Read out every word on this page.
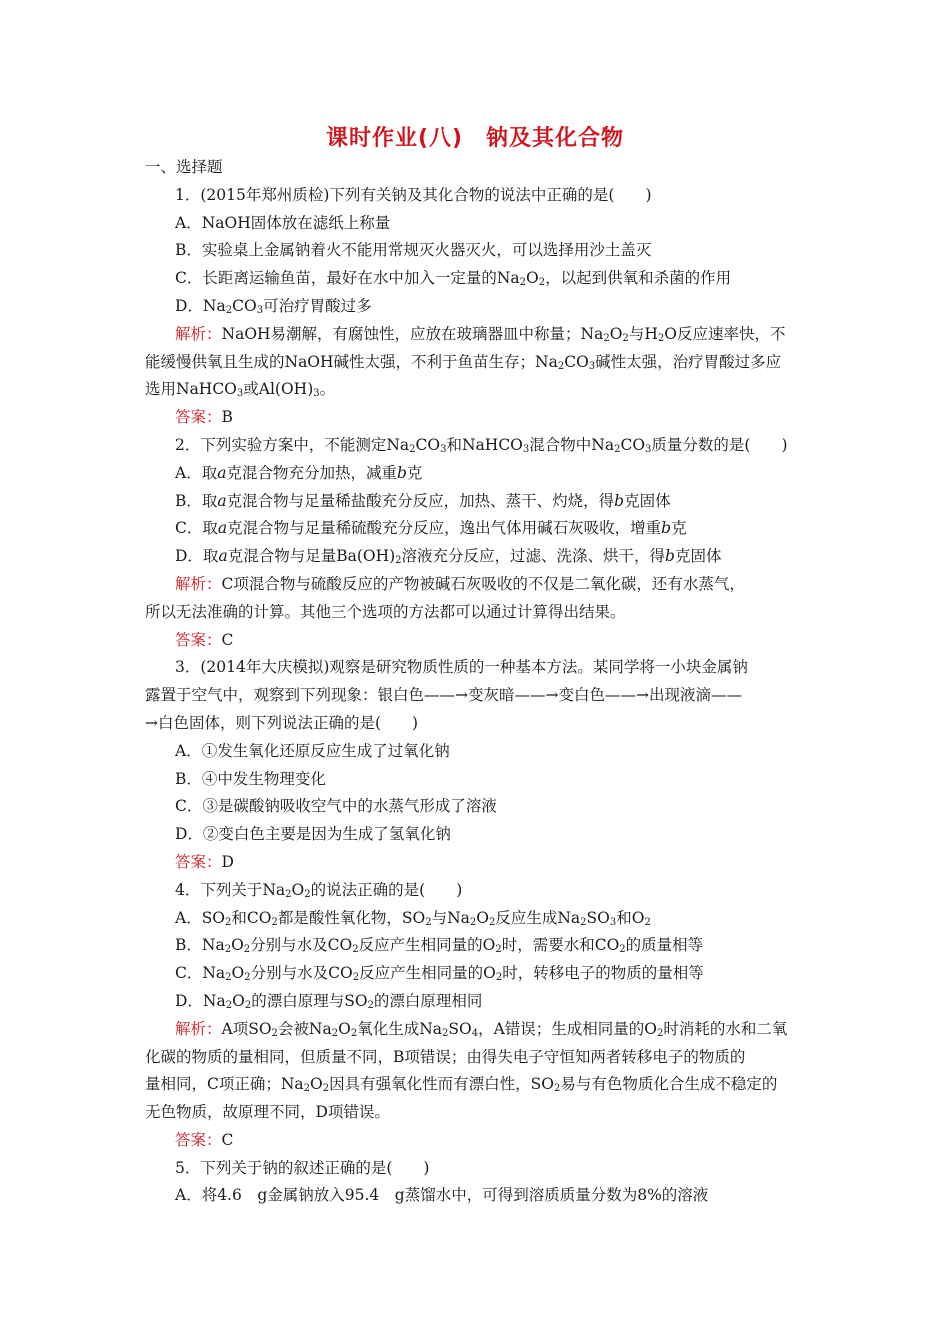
课时作业(八)　钠及其化合物
一、选择题
1．(2015年郑州质检)下列有关钠及其化合物的说法中正确的是(　　)
A．NaOH固体放在滤纸上称量
B．实验桌上金属钠着火不能用常规灭火器灭火，可以选择用沙土盖灭
C．长距离运输鱼苗，最好在水中加入一定量的$Na_2O_2$，以起到供氧和杀菌的作用
D．$Na_2CO_3$可治疗胃酸过多
解析：NaOH易潮解，有腐蚀性，应放在玻璃器皿中称量；$Na_2O_2$与$H_2O$反应速率快，不
能缓慢供氧且生成的NaOH碱性太强，不利于鱼苗生存；$Na_2CO_3$碱性太强，治疗胃酸过多应
选用NaHCO$_3$或$Al(OH)_3$。
答案：B
2．下列实验方案中，不能测定$Na_2CO_3$和NaHCO$_3$混合物中$Na_2CO_3$质量分数的是(　　)
A．取a克混合物充分加热，减重b克
B．取a克混合物与足量稀盐酸充分反应，加热、蒸干、灼烧，得b克固体
C．取a克混合物与足量稀硫酸充分反应，逸出气体用碱石灰吸收，增重b克
D．取a克混合物与足量$Ba(OH)_2$溶液充分反应，过滤、洗涤、烘干，得b克固体
解析：C项混合物与硫酸反应的产物被碱石灰吸收的不仅是二氧化碳，还有水蒸气，
所以无法准确的计算。其他三个选项的方法都可以通过计算得出结果。
答案：C
3．(2014年大庆模拟)观察是研究物质性质的一种基本方法。某同学将一小块金属钠
露置于空气中，观察到下列现象：银白色——→变灰暗——→变白色——→出现液滴——
→白色固体，则下列说法正确的是(　　)
A．①发生氧化还原反应生成了过氧化钠
B．④中发生物理变化
C．③是碳酸钠吸收空气中的水蒸气形成了溶液
D．②变白色主要是因为生成了氢氧化钠
答案：D
4．下列关于$Na_2O_2$的说法正确的是(　　)
A．$SO_2$和$CO_2$都是酸性氧化物，$SO_2$与$Na_2O_2$反应生成$Na_2SO_3$和$O_2$
B．$Na_2O_2$分别与水及$CO_2$反应产生相同量的$O_2$时，需要水和$CO_2$的质量相等
C．$Na_2O_2$分别与水及$CO_2$反应产生相同量的$O_2$时，转移电子的物质的量相等
D．$Na_2O_2$的漂白原理与$SO_2$的漂白原理相同
解析：A项$SO_2$会被$Na_2O_2$氧化生成$Na_2SO_4$，A错误；生成相同量的$O_2$时消耗的水和二氧
化碳的物质的量相同，但质量不同，B项错误；由得失电子守恒知两者转移电子的物质的
量相同，C项正确；$Na_2O_2$因具有强氧化性而有漂白性，$SO_2$易与有色物质化合生成不稳定的
无色物质，故原理不同，D项错误。
答案：C
5．下列关于钠的叙述正确的是(　　)
A．将4.6　g金属钠放入95.4　g蒸馏水中，可得到溶质质量分数为8%的溶液
